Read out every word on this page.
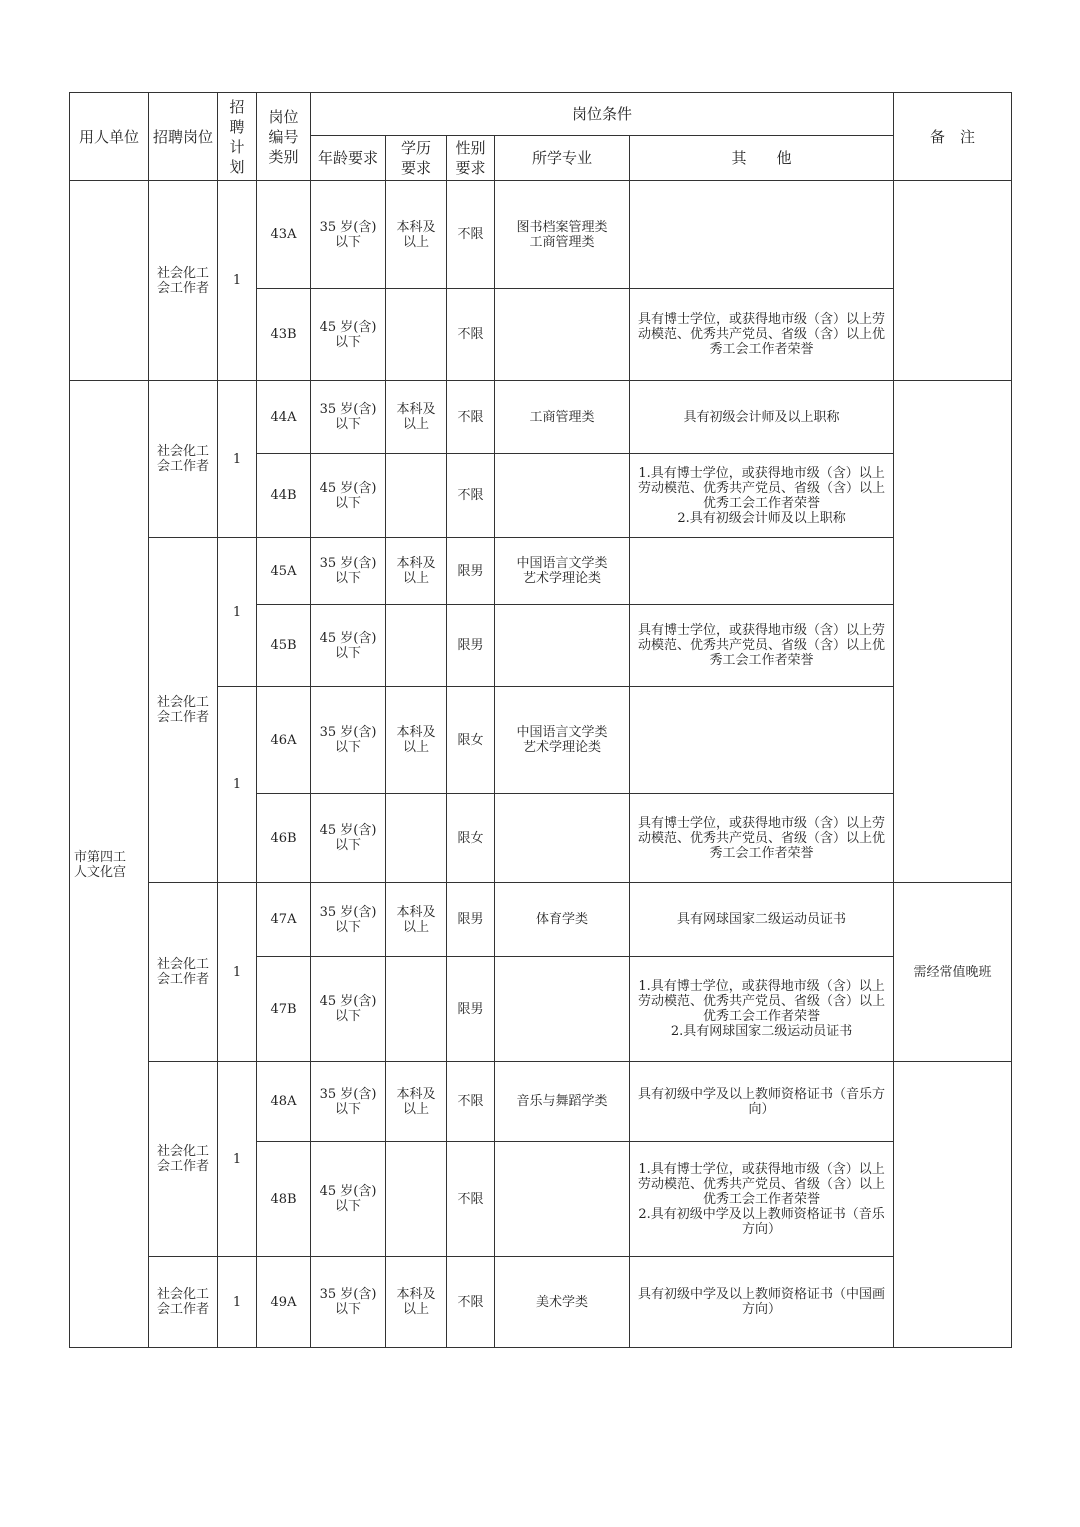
用人单位	招聘岗位	招
聘
计
划	岗位
编号
类别	岗位条件					备　注
				年龄要求	学历
要求	性别
要求	所学专业	其　　他	
	社会化工
会工作者	1	43A	35 岁(含)
以下	本科及
以上	不限	图书档案管理类
工商管理类		
			43B	45 岁(含)
以下		不限		具有博士学位，或获得地市级（含）以上劳动模范、优秀共产党员、省级（含）以上优秀工会工作者荣誉	
市第四工
人文化宫	社会化工
会工作者	1	44A	35 岁(含)
以下	本科及
以上	不限	工商管理类	具有初级会计师及以上职称	
			44B	45 岁(含)
以下		不限		1.具有博士学位，或获得地市级（含）以上劳动模范、优秀共产党员、省级（含）以上优秀工会工作者荣誉
2.具有初级会计师及以上职称	
	社会化工
会工作者	1	45A	35 岁(含)
以下	本科及
以上	限男	中国语言文学类
艺术学理论类		
			45B	45 岁(含)
以下		限男		具有博士学位，或获得地市级（含）以上劳动模范、优秀共产党员、省级（含）以上优秀工会工作者荣誉	
		1	46A	35 岁(含)
以下	本科及
以上	限女	中国语言文学类
艺术学理论类		
			46B	45 岁(含)
以下		限女		具有博士学位，或获得地市级（含）以上劳动模范、优秀共产党员、省级（含）以上优秀工会工作者荣誉	
	社会化工
会工作者	1	47A	35 岁(含)
以下	本科及
以上	限男	体育学类	具有网球国家二级运动员证书	需经常值晚班
			47B	45 岁(含)
以下		限男		1.具有博士学位，或获得地市级（含）以上劳动模范、优秀共产党员、省级（含）以上优秀工会工作者荣誉
2.具有网球国家二级运动员证书	
	社会化工
会工作者	1	48A	35 岁(含)
以下	本科及
以上	不限	音乐与舞蹈学类	具有初级中学及以上教师资格证书（音乐方向）	
			48B	45 岁(含)
以下		不限		1.具有博士学位，或获得地市级（含）以上劳动模范、优秀共产党员、省级（含）以上优秀工会工作者荣誉
2.具有初级中学及以上教师资格证书（音乐方向）	
	社会化工
会工作者	1	49A	35 岁(含)
以下	本科及
以上	不限	美术学类	具有初级中学及以上教师资格证书（中国画方向）	
